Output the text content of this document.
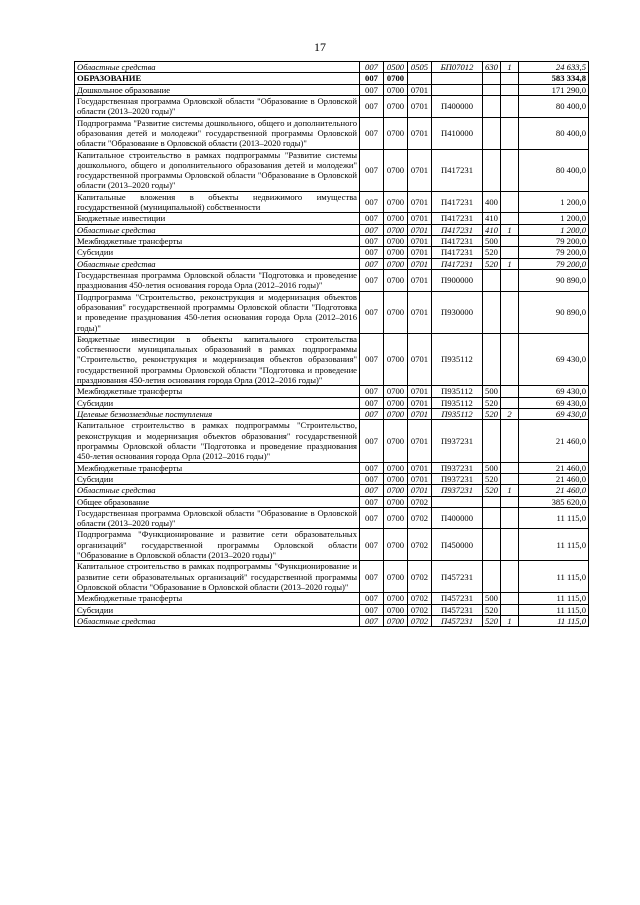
17
Областные средства	007	0500	0505	БП07012	630	1	24 633,5
ОБРАЗОВАНИЕ	007	0700					583 334,8
Дошкольное образование	007	0700	0701				171 290,0
Государственная программа Орловской области "Образование в Орловской области (2013–2020 годы)"	007	0700	0701	П400000			80 400,0
Подпрограмма "Развитие системы дошкольного, общего и дополнительного образования детей и молодежи" государственной программы Орловской области "Образование в Орловской области (2013–2020 годы)"	007	0700	0701	П410000			80 400,0
Капитальное строительство в рамках подпрограммы "Развитие системы дошкольного, общего и дополнительного образования детей и молодежи" государственной программы Орловской области "Образование в Орловской области (2013–2020 годы)"	007	0700	0701	П417231			80 400,0
Капитальные вложения в объекты недвижимого имущества государственной (муниципальной) собственности	007	0700	0701	П417231	400		1 200,0
Бюджетные инвестиции	007	0700	0701	П417231	410		1 200,0
Областные средства	007	0700	0701	П417231	410	1	1 200,0
Межбюджетные трансферты	007	0700	0701	П417231	500		79 200,0
Субсидии	007	0700	0701	П417231	520		79 200,0
Областные средства	007	0700	0701	П417231	520	1	79 200,0
Государственная программа Орловской области "Подготовка и проведение празднования 450-летия основания города Орла (2012–2016 годы)"	007	0700	0701	П900000			90 890,0
Подпрограмма "Строительство, реконструкция и модернизация объектов образования" государственной программы Орловской области "Подготовка и проведение празднования 450-летия основания города Орла (2012–2016 годы)"	007	0700	0701	П930000			90 890,0
Бюджетные инвестиции в объекты капитального строительства собственности муниципальных образований в рамках подпрограммы "Строительство, реконструкция и модернизация объектов образования" государственной программы Орловской области "Подготовка и проведение празднования 450-летия основания города Орла (2012–2016 годы)"	007	0700	0701	П935112			69 430,0
Межбюджетные трансферты	007	0700	0701	П935112	500		69 430,0
Субсидии	007	0700	0701	П935112	520		69 430,0
Целевые безвозмездные поступления	007	0700	0701	П935112	520	2	69 430,0
Капитальное строительство в рамках подпрограммы "Строительство, реконструкция и модернизация объектов образования" государственной программы Орловской области "Подготовка и проведение празднования 450-летия основания города Орла (2012–2016 годы)"	007	0700	0701	П937231			21 460,0
Межбюджетные трансферты	007	0700	0701	П937231	500		21 460,0
Субсидии	007	0700	0701	П937231	520		21 460,0
Областные средства	007	0700	0701	П937231	520	1	21 460,0
Общее образование	007	0700	0702				385 620,0
Государственная программа Орловской области "Образование в Орловской области (2013–2020 годы)"	007	0700	0702	П400000			11 115,0
Подпрограмма "Функционирование и развитие сети образовательных организаций" государственной программы Орловской области "Образование в Орловской области (2013–2020 годы)"	007	0700	0702	П450000			11 115,0
Капитальное строительство в рамках подпрограммы "Функционирование и развитие сети образовательных организаций" государственной программы Орловской области "Образование в Орловской области (2013–2020 годы)"	007	0700	0702	П457231			11 115,0
Межбюджетные трансферты	007	0700	0702	П457231	500		11 115,0
Субсидии	007	0700	0702	П457231	520		11 115,0
Областные средства	007	0700	0702	П457231	520	1	11 115,0
